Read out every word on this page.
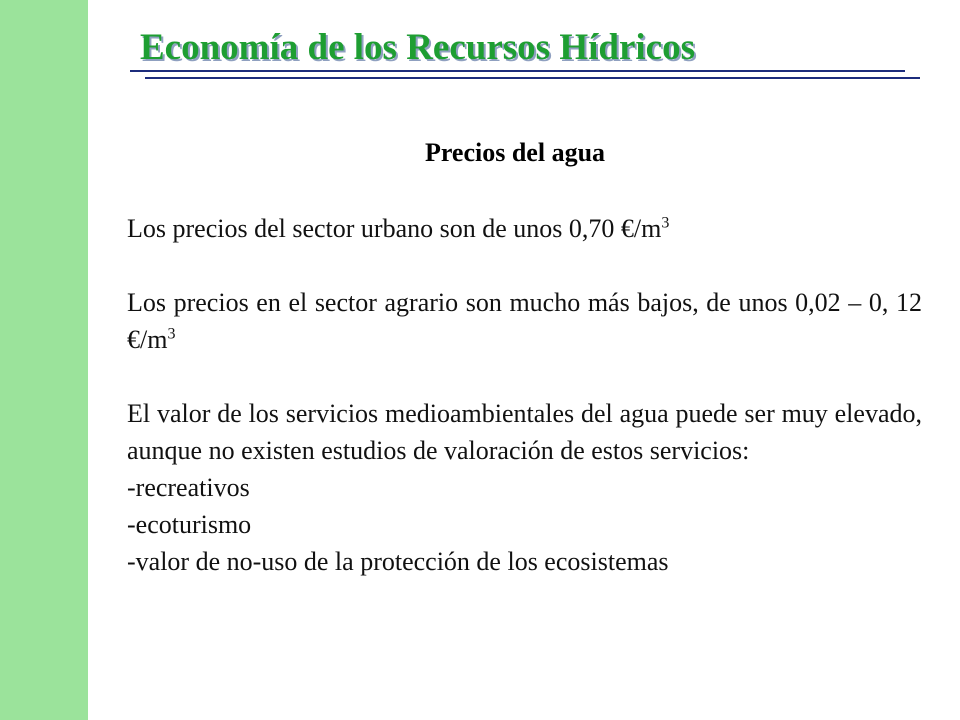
Economía de los Recursos Hídricos
Precios del agua

Los precios del sector urbano son de unos 0,70 $€/m^3$

Los precios en el sector agrario son mucho más bajos, de unos 0,02 – 0, 12 $€/m^3$

El valor de los servicios medioambientales del agua puede ser muy elevado, aunque no existen estudios de valoración de estos servicios:

-recreativos

-ecoturismo

-valor de no-uso de la protección de los ecosistemas
